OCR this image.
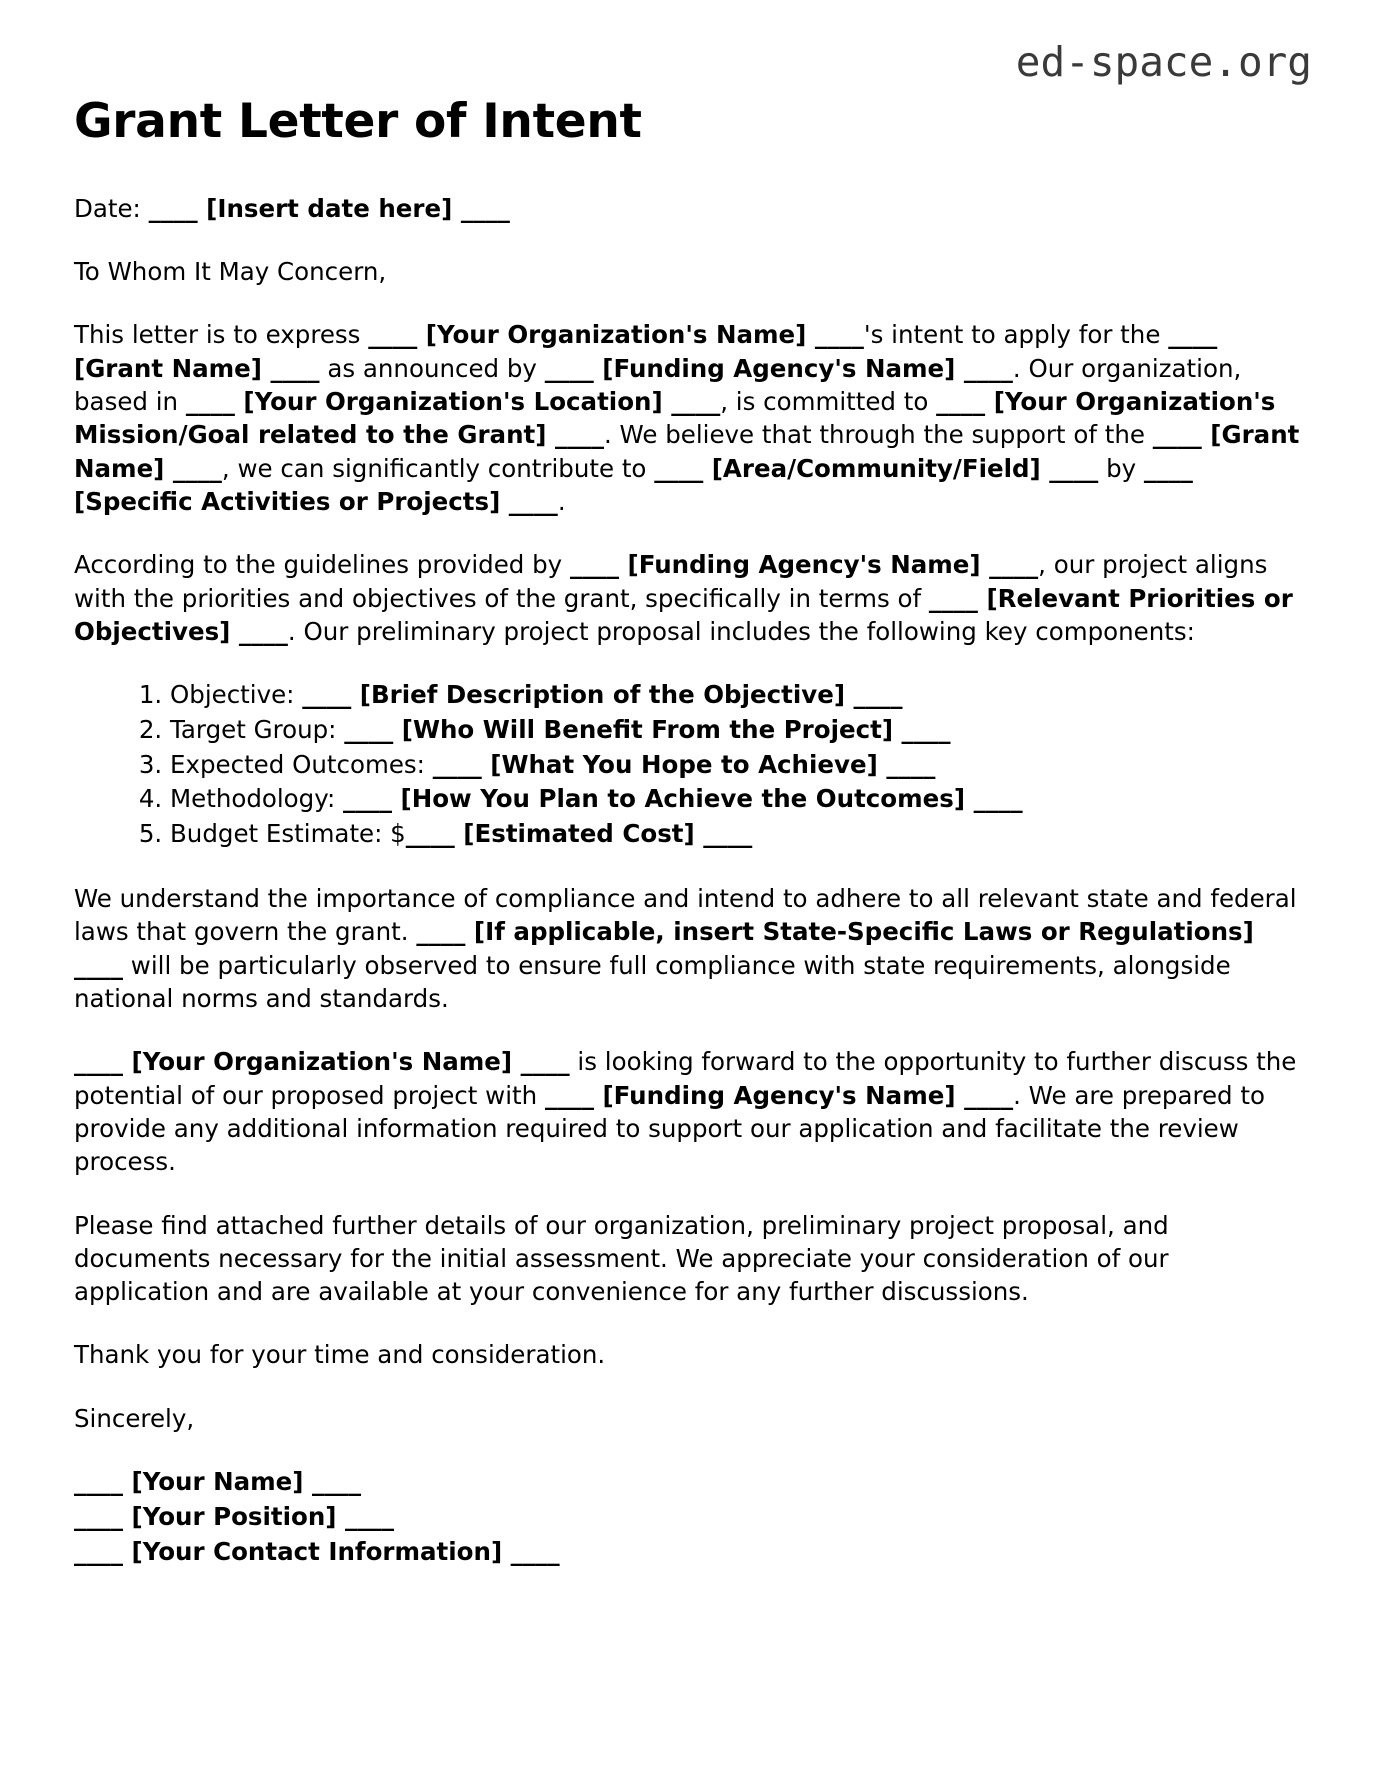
ed-space.org
Grant Letter of Intent

Date: ____ [Insert date here] ____

To Whom It May Concern,

This letter is to express ____ [Your Organization's Name] ____'s intent to apply for the ____ [Grant Name] ____ as announced by ____ [Funding Agency's Name] ____. Our organization, based in ____ [Your Organization's Location] ____, is committed to ____ [Your Organization's Mission/Goal related to the Grant] ____. We believe that through the support of the ____ [Grant Name] ____, we can significantly contribute to ____ [Area/Community/Field] ____ by ____ [Specific Activities or Projects] ____.

According to the guidelines provided by ____ [Funding Agency's Name] ____, our project aligns with the priorities and objectives of the grant, specifically in terms of ____ [Relevant Priorities or Objectives] ____. Our preliminary project proposal includes the following key components:

1. Objective: ____ [Brief Description of the Objective] ____
2. Target Group: ____ [Who Will Benefit From the Project] ____
3. Expected Outcomes: ____ [What You Hope to Achieve] ____
4. Methodology: ____ [How You Plan to Achieve the Outcomes] ____
5. Budget Estimate: $____ [Estimated Cost] ____

We understand the importance of compliance and intend to adhere to all relevant state and federal laws that govern the grant. ____ [If applicable, insert State-Specific Laws or Regulations] ____ will be particularly observed to ensure full compliance with state requirements, alongside national norms and standards.

____ [Your Organization's Name] ____ is looking forward to the opportunity to further discuss the potential of our proposed project with ____ [Funding Agency's Name] ____. We are prepared to provide any additional information required to support our application and facilitate the review process.

Please find attached further details of our organization, preliminary project proposal, and documents necessary for the initial assessment. We appreciate your consideration of our application and are available at your convenience for any further discussions.

Thank you for your time and consideration.

Sincerely,

____ [Your Name] ____
____ [Your Position] ____
____ [Your Contact Information] ____
